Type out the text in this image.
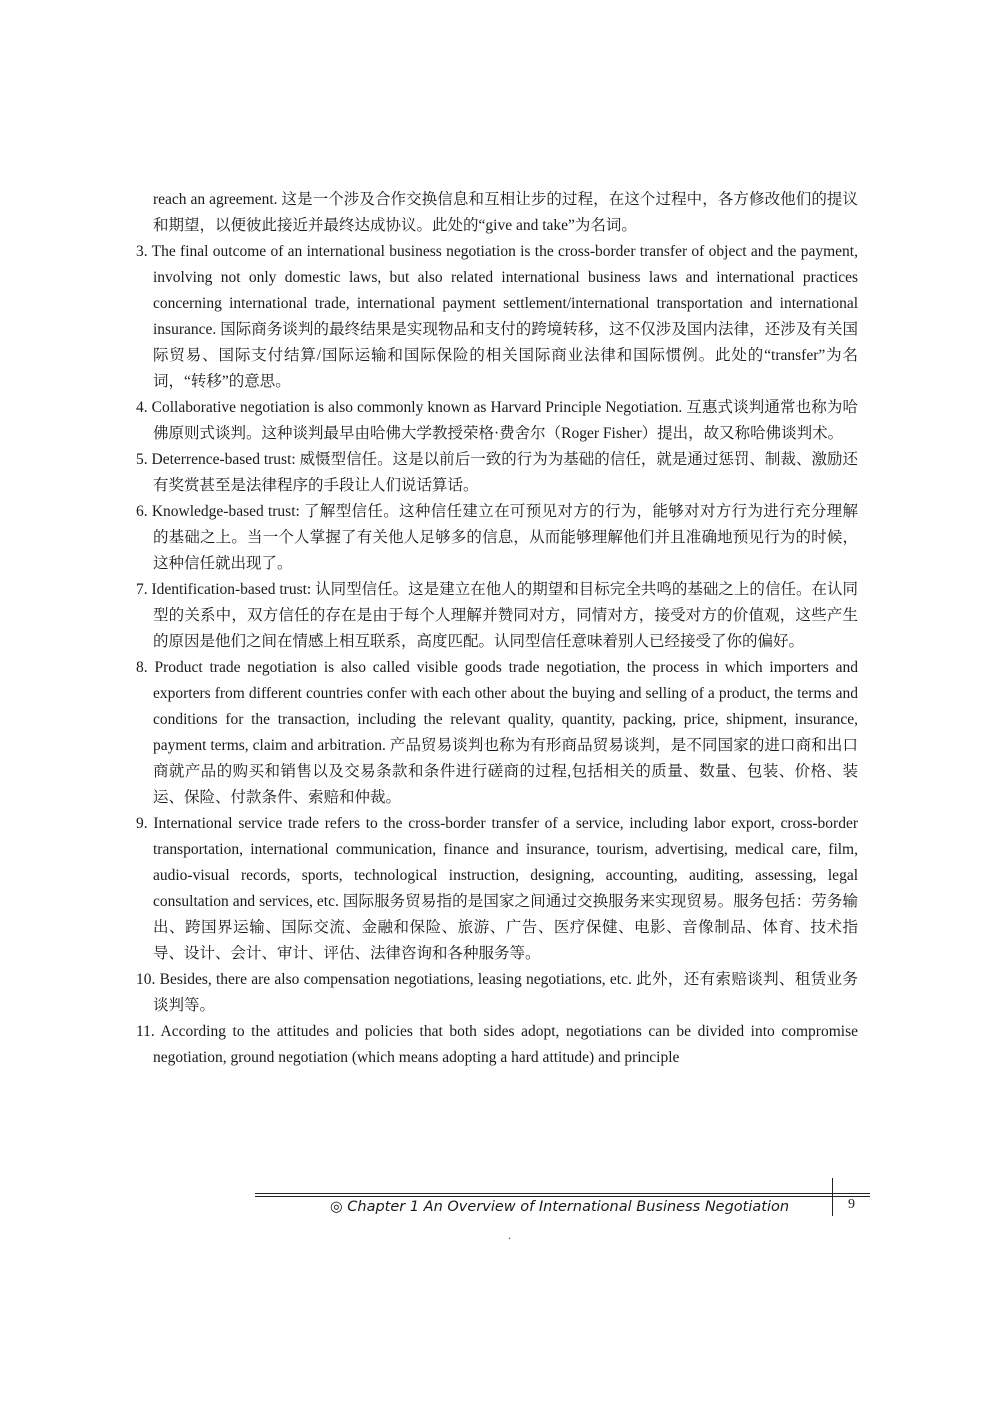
reach an agreement. 这是一个涉及合作交换信息和互相让步的过程，在这个过程中，各方修改他们的提议和期望，以便彼此接近并最终达成协议。此处的“give and take”为名词。

3. The final outcome of an international business negotiation is the cross-border transfer of object and the payment, involving not only domestic laws, but also related international business laws and international practices concerning international trade, international payment settlement/international transportation and international insurance. 国际商务谈判的最终结果是实现物品和支付的跨境转移，这不仅涉及国内法律，还涉及有关国际贸易、国际支付结算/国际运输和国际保险的相关国际商业法律和国际惯例。此处的“transfer”为名词，“转移”的意思。

4. Collaborative negotiation is also commonly known as Harvard Principle Negotiation. 互惠式谈判通常也称为哈佛原则式谈判。这种谈判最早由哈佛大学教授荣格·费舍尔（Roger Fisher）提出，故又称哈佛谈判术。

5. Deterrence-based trust: 威慑型信任。这是以前后一致的行为为基础的信任，就是通过惩罚、制裁、激励还有奖赏甚至是法律程序的手段让人们说话算话。

6. Knowledge-based trust: 了解型信任。这种信任建立在可预见对方的行为，能够对对方行为进行充分理解的基础之上。当一个人掌握了有关他人足够多的信息，从而能够理解他们并且准确地预见行为的时候，这种信任就出现了。

7. Identification-based trust: 认同型信任。这是建立在他人的期望和目标完全共鸣的基础之上的信任。在认同型的关系中，双方信任的存在是由于每个人理解并赞同对方，同情对方，接受对方的价值观，这些产生的原因是他们之间在情感上相互联系，高度匹配。认同型信任意味着别人已经接受了你的偏好。

8. Product trade negotiation is also called visible goods trade negotiation, the process in which importers and exporters from different countries confer with each other about the buying and selling of a product, the terms and conditions for the transaction, including the relevant quality, quantity, packing, price, shipment, insurance, payment terms, claim and arbitration. 产品贸易谈判也称为有形商品贸易谈判，是不同国家的进口商和出口商就产品的购买和销售以及交易条款和条件进行磋商的过程,包括相关的质量、数量、包装、价格、装运、保险、付款条件、索赔和仲裁。

9. International service trade refers to the cross-border transfer of a service, including labor export, cross-border transportation, international communication, finance and insurance, tourism, advertising, medical care, film, audio-visual records, sports, technological instruction, designing, accounting, auditing, assessing, legal consultation and services, etc. 国际服务贸易指的是国家之间通过交换服务来实现贸易。服务包括：劳务输出、跨国界运输、国际交流、金融和保险、旅游、广告、医疗保健、电影、音像制品、体育、技术指导、设计、会计、审计、评估、法律咨询和各种服务等。

10. Besides, there are also compensation negotiations, leasing negotiations, etc. 此外，还有索赔谈判、租赁业务谈判等。

11. According to the attitudes and policies that both sides adopt, negotiations can be divided into compromise negotiation, ground negotiation (which means adopting a hard attitude) and principle

◎ Chapter 1 An Overview of International Business Negotiation	9
.
